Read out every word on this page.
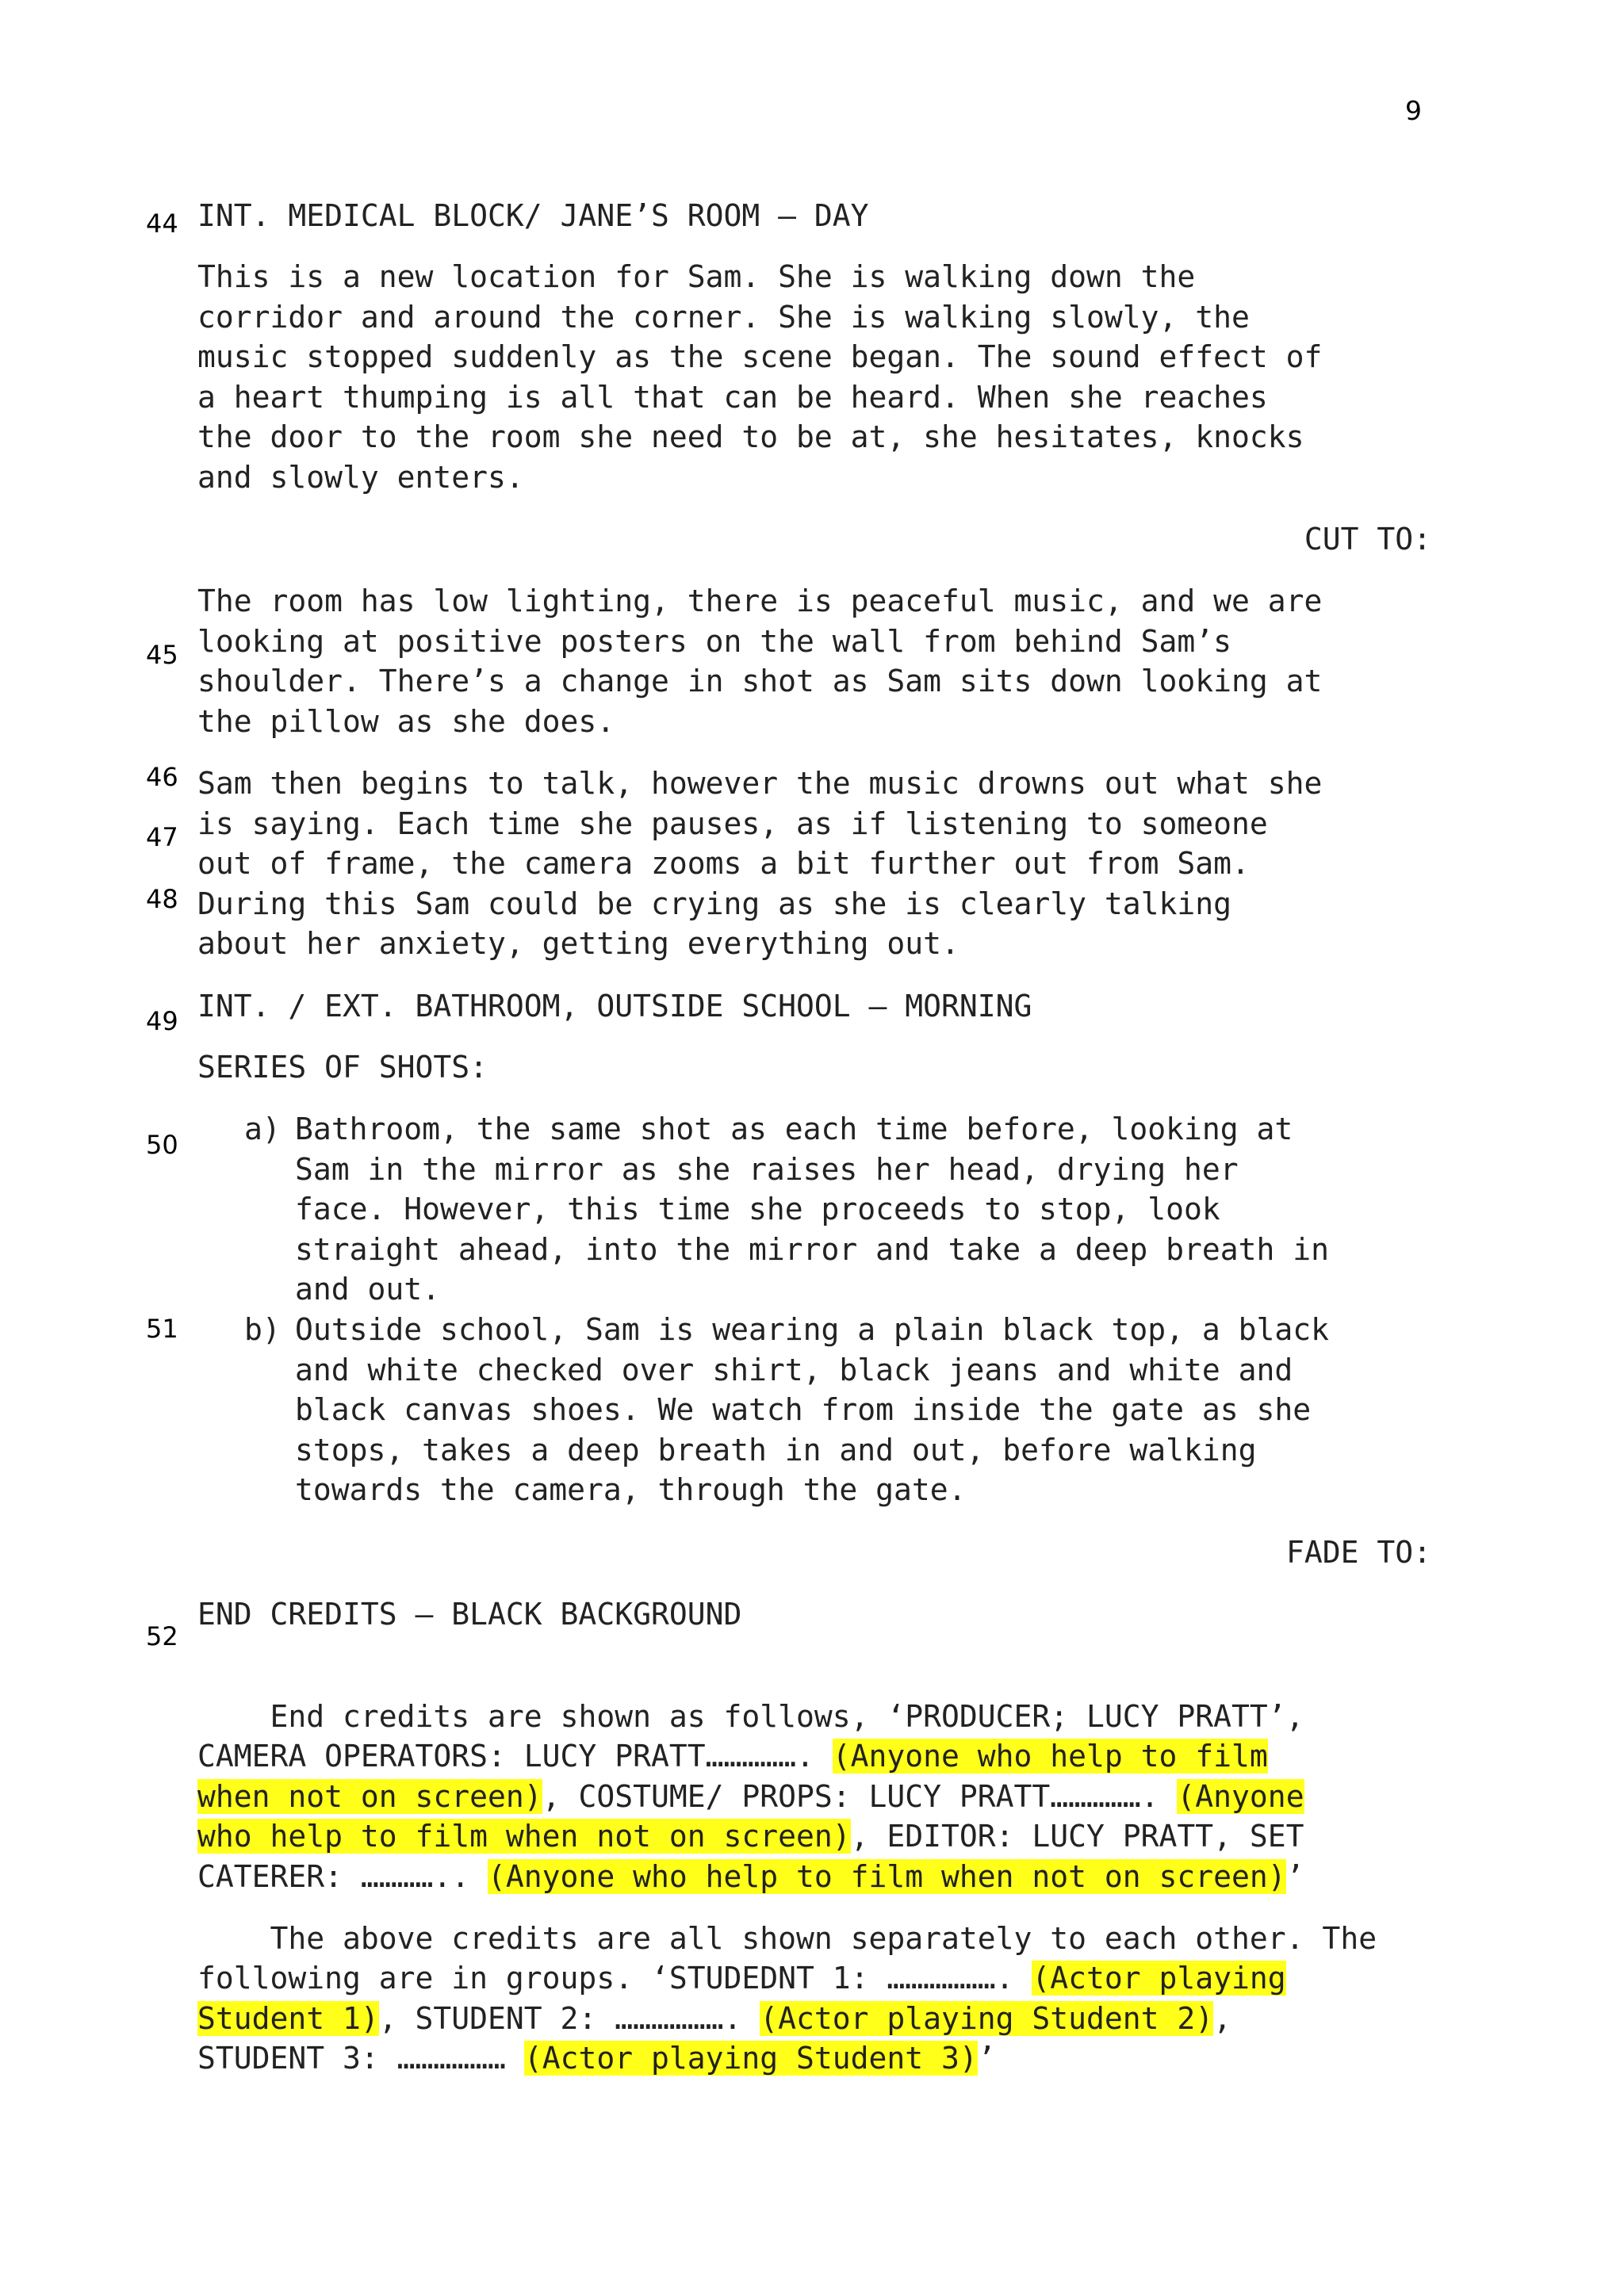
9
44
45
46
47
48
49
50
51
52
INT. MEDICAL BLOCK/ JANE’S ROOM – DAY
This is a new location for Sam. She is walking down the
corridor and around the corner. She is walking slowly, the
music stopped suddenly as the scene began. The sound effect of
a heart thumping is all that can be heard. When she reaches
the door to the room she need to be at, she hesitates, knocks
and slowly enters.
CUT TO:
The room has low lighting, there is peaceful music, and we are
looking at positive posters on the wall from behind Sam’s
shoulder. There’s a change in shot as Sam sits down looking at
the pillow as she does.
Sam then begins to talk, however the music drowns out what she
is saying. Each time she pauses, as if listening to someone
out of frame, the camera zooms a bit further out from Sam.
During this Sam could be crying as she is clearly talking
about her anxiety, getting everything out.
INT. / EXT. BATHROOM, OUTSIDE SCHOOL – MORNING
SERIES OF SHOTS:
a) Bathroom, the same shot as each time before, looking at
Sam in the mirror as she raises her head, drying her
face. However, this time she proceeds to stop, look
straight ahead, into the mirror and take a deep breath in
and out.
b) Outside school, Sam is wearing a plain black top, a black
and white checked over shirt, black jeans and white and
black canvas shoes. We watch from inside the gate as she
stops, takes a deep breath in and out, before walking
towards the camera, through the gate.
FADE TO:
END CREDITS – BLACK BACKGROUND

End credits are shown as follows, ‘PRODUCER; LUCY PRATT’,
CAMERA OPERATORS: LUCY PRATT……………. (Anyone who help to film
when not on screen), COSTUME/ PROPS: LUCY PRATT……………. (Anyone
who help to film when not on screen), EDITOR: LUCY PRATT, SET
CATERER: ………….. (Anyone who help to film when not on screen)’

The above credits are all shown separately to each other. The
following are in groups. ‘STUDEDNT 1: ………………. (Actor playing
Student 1), STUDENT 2: ………………. (Actor playing Student 2),
STUDENT 3: ……………… (Actor playing Student 3)’
